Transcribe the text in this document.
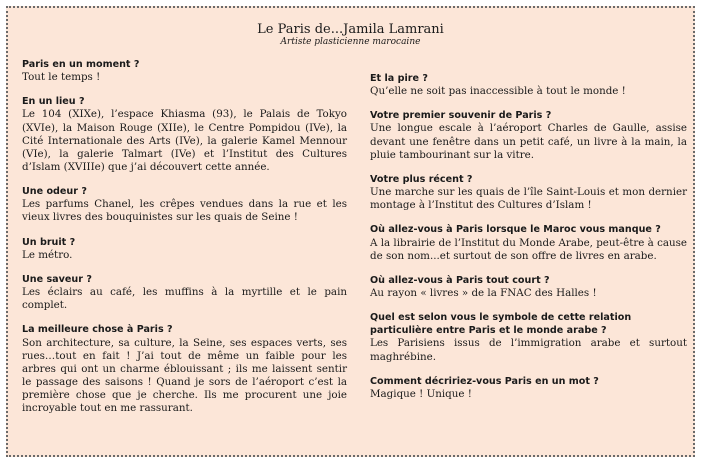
Le Paris de...Jamila Lamrani
Artiste plasticienne marocaine
Paris en un moment ?
Tout le temps !
En un lieu ?
Le 104 (XIXe), l’espace Khiasma (93), le Palais de Tokyo (XVIe), la Maison Rouge (XIIe), le Centre Pompidou (IVe), la Cité Internationale des Arts (IVe), la galerie Kamel Mennour (VIe), la galerie Talmart (IVe) et l’Institut des Cultures d’Islam (XVIIIe) que j’ai découvert cette année.
Une odeur ?
Les parfums Chanel, les crêpes vendues dans la rue et les vieux livres des bouquinistes sur les quais de Seine !
Un bruit ?
Le métro.
Une saveur ?
Les éclairs au café, les muffins à la myrtille et le pain complet.
La meilleure chose à Paris ?
Son architecture, sa culture, la Seine, ses espaces verts, ses rues…tout en fait ! J’ai tout de même un faible pour les arbres qui ont un charme éblouissant ; ils me laissent sentir le passage des saisons ! Quand je sors de l’aéroport c’est la première chose que je cherche. Ils me procurent une joie incroyable tout en me rassurant.
Et la pire ?
Qu’elle ne soit pas inaccessible à tout le monde !
Votre premier souvenir de Paris ?
Une longue escale à l’aéroport Charles de Gaulle, assise devant une fenêtre dans un petit café, un livre à la main, la pluie tambourinant sur la vitre.
Votre plus récent ?
Une marche sur les quais de l’île Saint-Louis et mon dernier montage à l’Institut des Cultures d’Islam !
Où allez-vous à Paris lorsque le Maroc vous manque ?
A la librairie de l’Institut du Monde Arabe, peut-être à cause de son nom...et surtout de son offre de livres en arabe.
Où allez-vous à Paris tout court ?
Au rayon « livres » de la FNAC des Halles !
Quel est selon vous le symbole de cette relation particulière entre Paris et le monde arabe ?
Les Parisiens issus de l’immigration arabe et surtout maghrébine.
Comment décririez-vous Paris en un mot ?
Magique ! Unique !
